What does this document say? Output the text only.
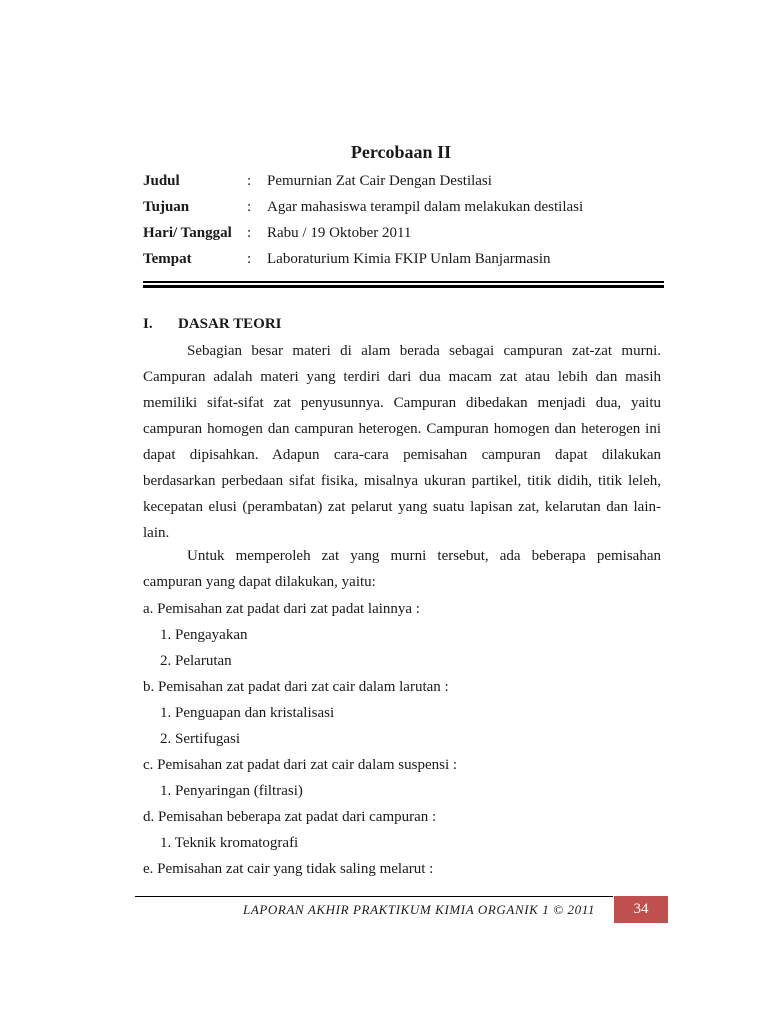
Percobaan II
Judul	: Pemurnian Zat Cair Dengan Destilasi
Tujuan	: Agar mahasiswa terampil dalam melakukan destilasi
Hari/ Tanggal : Rabu / 19 Oktober 2011
Tempat	: Laboraturium Kimia FKIP Unlam Banjarmasin
I. DASAR TEORI

Sebagian besar materi di alam berada sebagai campuran zat-zat murni. Campuran adalah materi yang terdiri dari dua macam zat atau lebih dan masih memiliki sifat-sifat zat penyusunnya. Campuran dibedakan menjadi dua, yaitu campuran homogen dan campuran heterogen. Campuran homogen dan heterogen ini dapat dipisahkan. Adapun cara-cara pemisahan campuran dapat dilakukan berdasarkan perbedaan sifat fisika, misalnya ukuran partikel, titik didih, titik leleh, kecepatan elusi (perambatan) zat pelarut yang suatu lapisan zat, kelarutan dan lain-lain.

Untuk memperoleh zat yang murni tersebut, ada beberapa pemisahan campuran yang dapat dilakukan, yaitu:

a. Pemisahan zat padat dari zat padat lainnya :
1. Pengayakan
2. Pelarutan
b. Pemisahan zat padat dari zat cair dalam larutan :
1. Penguapan dan kristalisasi
2. Sertifugasi
c. Pemisahan zat padat dari zat cair dalam suspensi :
1. Penyaringan (filtrasi)
d. Pemisahan beberapa zat padat dari campuran :
1. Teknik kromatografi
e. Pemisahan zat cair yang tidak saling melarut :
LAPORAN AKHIR PRAKTIKUM KIMIA ORGANIK 1 © 2011	34
